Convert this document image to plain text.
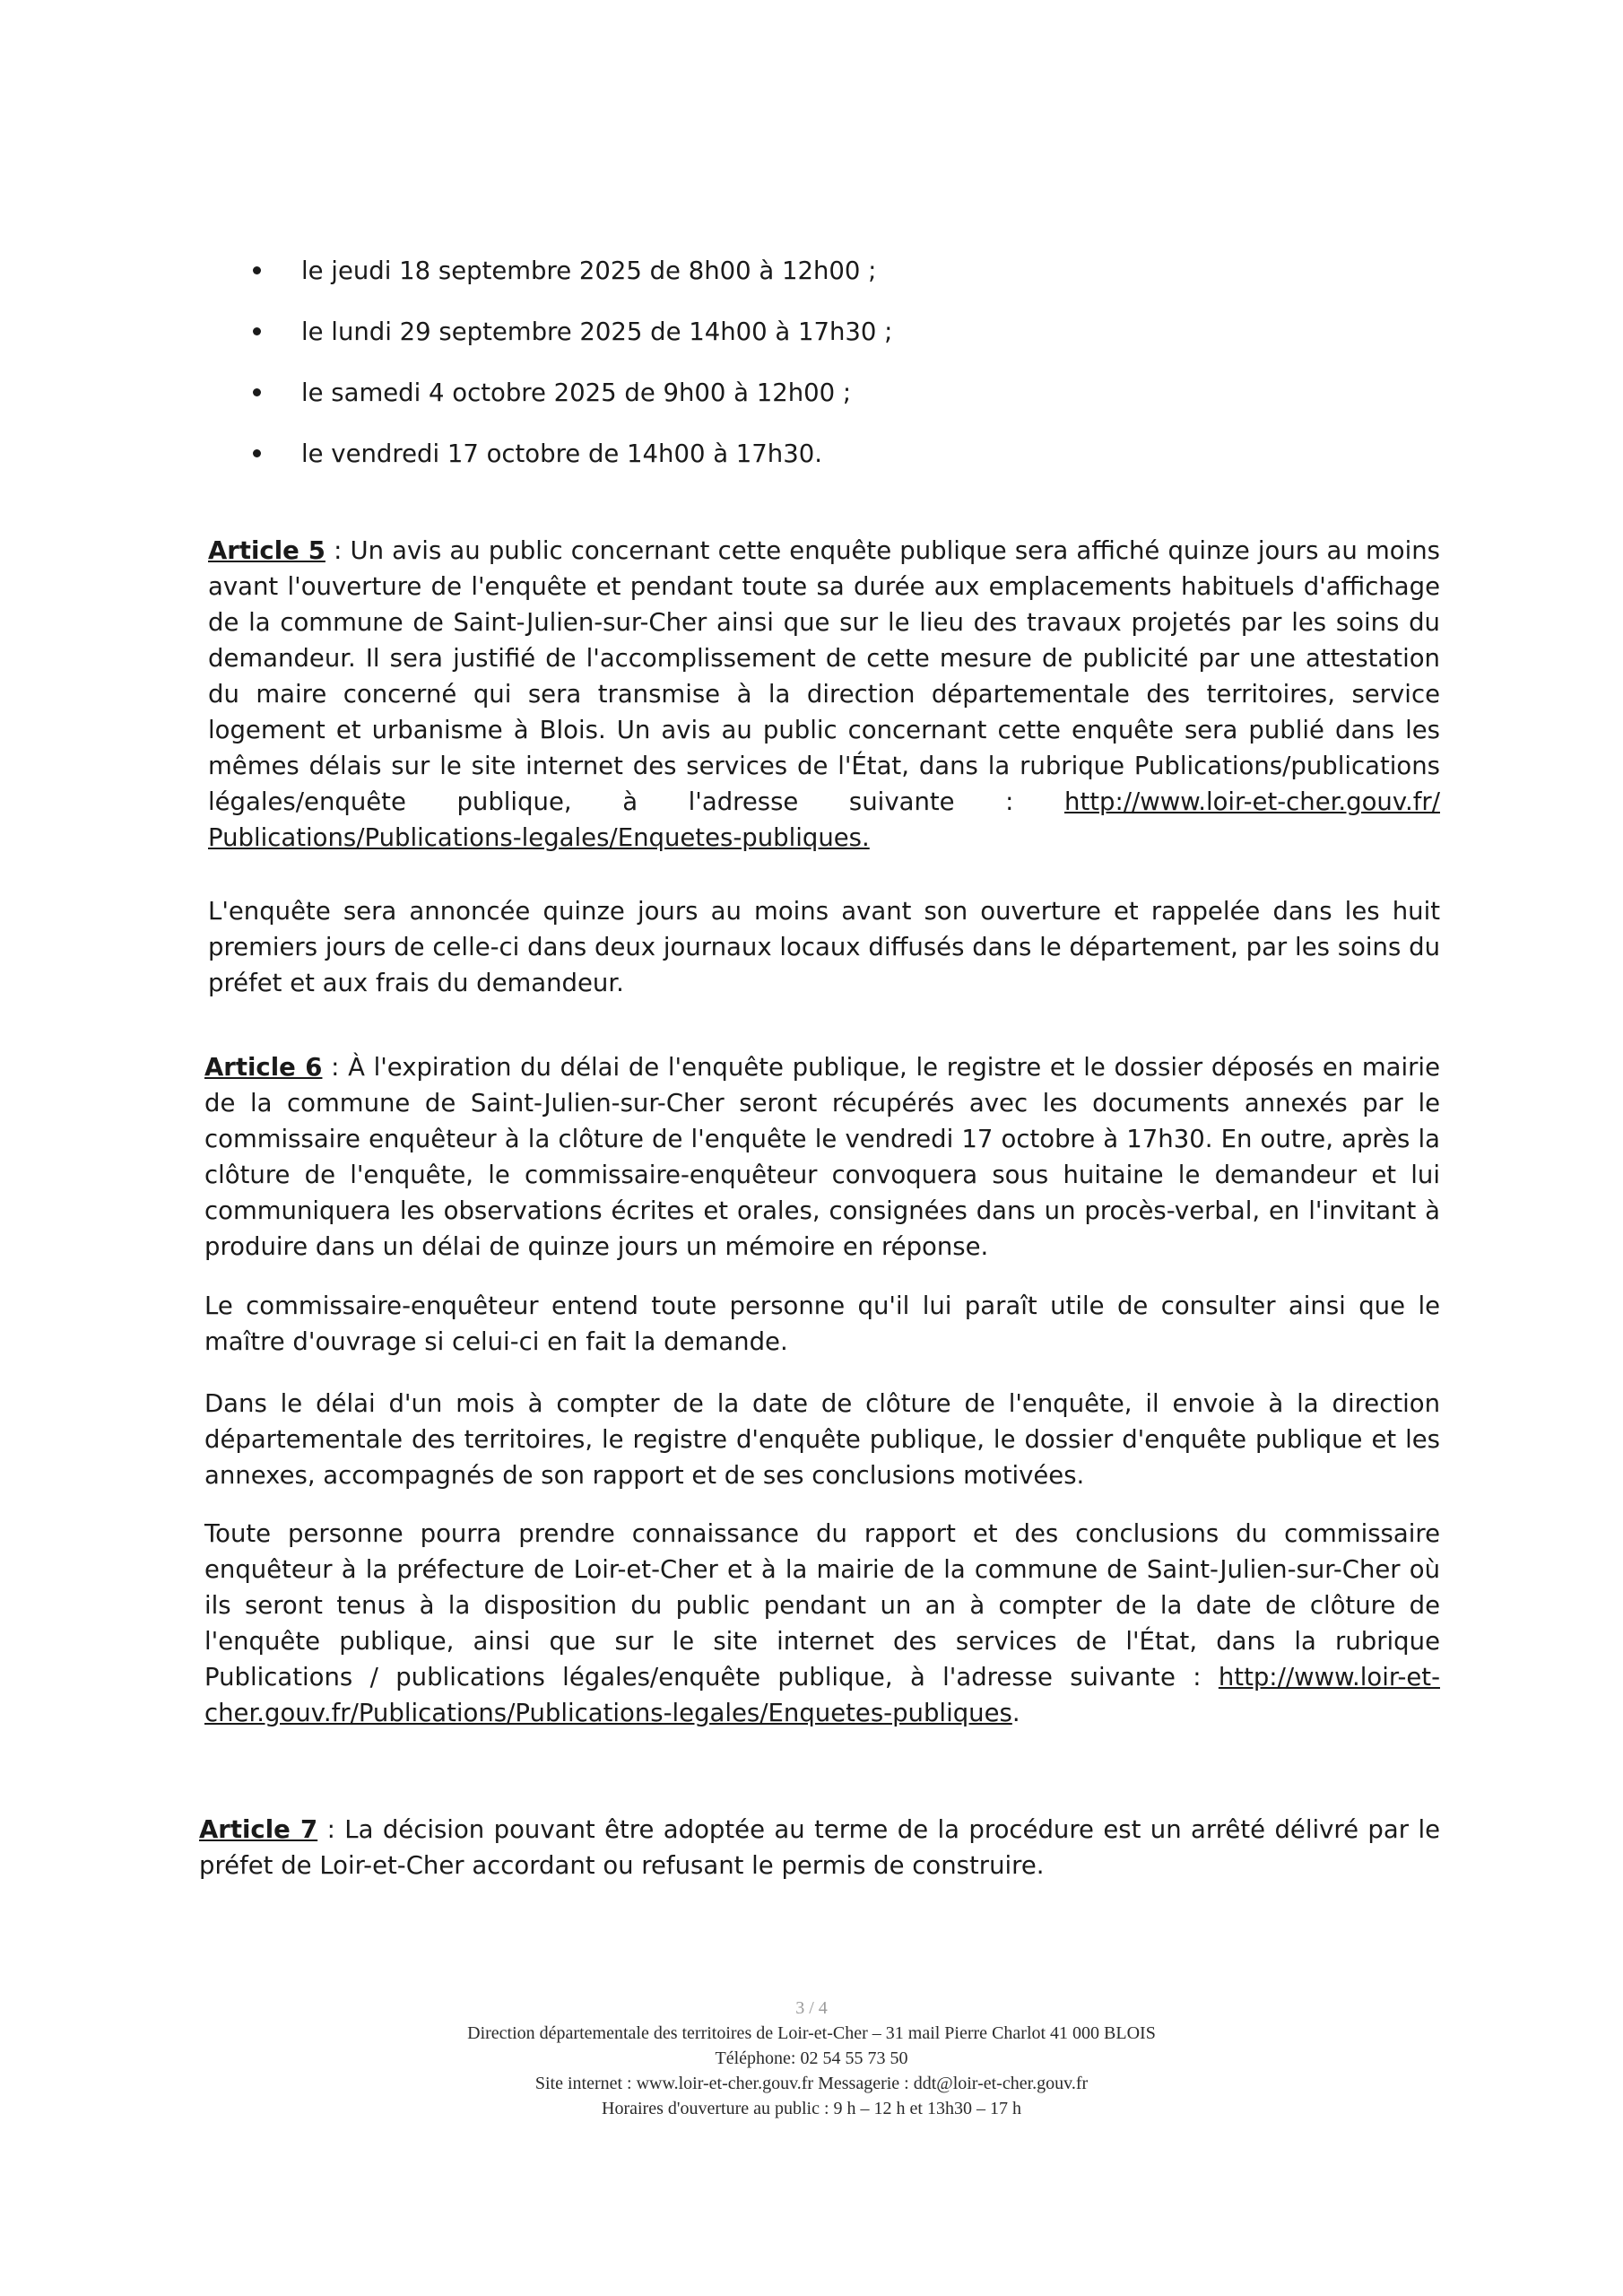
le jeudi 18 septembre 2025 de 8h00 à 12h00 ;
le lundi 29 septembre 2025 de 14h00 à 17h30 ;
le samedi 4 octobre 2025 de 9h00 à 12h00 ;
le vendredi 17 octobre de 14h00 à 17h30.

Article 5 : Un avis au public concernant cette enquête publique sera affiché quinze jours au moins avant l'ouverture de l'enquête et pendant toute sa durée aux emplacements habituels d'affichage de la commune de Saint-Julien-sur-Cher ainsi que sur le lieu des travaux projetés par les soins du demandeur. Il sera justifié de l'accomplissement de cette mesure de publicité par une attestation du maire concerné qui sera transmise à la direction départementale des territoires, service logement et urbanisme à Blois. Un avis au public concernant cette enquête sera publié dans les mêmes délais sur le site internet des services de l'État, dans la rubrique Publications/publications légales/enquête publique, à l'adresse suivante : http://www.loir-et-cher.gouv.fr/ Publications/Publications-legales/Enquetes-publiques.

L'enquête sera annoncée quinze jours au moins avant son ouverture et rappelée dans les huit premiers jours de celle-ci dans deux journaux locaux diffusés dans le département, par les soins du préfet et aux frais du demandeur.

Article 6 : À l'expiration du délai de l'enquête publique, le registre et le dossier déposés en mairie de la commune de Saint-Julien-sur-Cher seront récupérés avec les documents annexés par le commissaire enquêteur à la clôture de l'enquête le vendredi 17 octobre à 17h30. En outre, après la clôture de l'enquête, le commissaire-enquêteur convoquera sous huitaine le demandeur et lui communiquera les observations écrites et orales, consignées dans un procès-verbal, en l'invitant à produire dans un délai de quinze jours un mémoire en réponse.

Le commissaire-enquêteur entend toute personne qu'il lui paraît utile de consulter ainsi que le maître d'ouvrage si celui-ci en fait la demande.

Dans le délai d'un mois à compter de la date de clôture de l'enquête, il envoie à la direction départementale des territoires, le registre d'enquête publique, le dossier d'enquête publique et les annexes, accompagnés de son rapport et de ses conclusions motivées.

Toute personne pourra prendre connaissance du rapport et des conclusions du commissaire enquêteur à la préfecture de Loir-et-Cher et à la mairie de la commune de Saint-Julien-sur-Cher où ils seront tenus à la disposition du public pendant un an à compter de la date de clôture de l'enquête publique, ainsi que sur le site internet des services de l'État, dans la rubrique Publications / publications légales/enquête publique, à l'adresse suivante : http://www.loir-et-cher.gouv.fr/Publications/Publications-legales/Enquetes-publiques.

Article 7 : La décision pouvant être adoptée au terme de la procédure est un arrêté délivré par le préfet de Loir-et-Cher accordant ou refusant le permis de construire.

3 / 4
Direction départementale des territoires de Loir-et-Cher – 31 mail Pierre Charlot 41 000 BLOIS
Téléphone: 02 54 55 73 50
Site internet : www.loir-et-cher.gouv.fr Messagerie : ddt@loir-et-cher.gouv.fr
Horaires d'ouverture au public : 9 h – 12 h et 13h30 – 17 h
